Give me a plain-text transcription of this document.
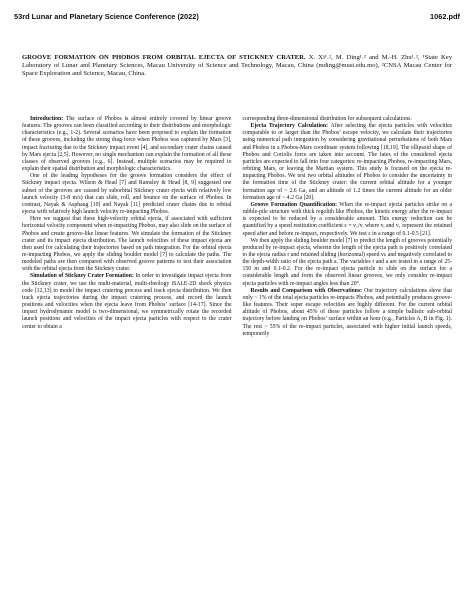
53rd Lunar and Planetary Science Conference (2022)	1062.pdf
GROOVE FORMATION ON PHOBOS FROM ORBITAL EJECTA OF STICKNEY CRATER. X. Xi¹˒², M. Ding¹˒² and M.-H. Zhu¹˒², ¹State Key Laboratory of Lunar and Planetary Sciences, Macau University of Science and Technology, Macau, China (mding@must.edu.mo), ²CNSA Macau Center for Space Exploration and Science, Macau, China.

Introduction: The surface of Phobos is almost entirely covered by linear groove features. The grooves can been classified according to their distributions and morphologic characteristics (e.g., 1-2). Several scenarios have been proposed to explain the formation of these grooves, including the strong drag force when Phobos was captured by Mars [3], impact fracturing due to the Stickney impact event [4], and secondary crater chains caused by Mars ejecta [2,5]. However, no single mechanism can explain the formation of all these classes of observed grooves [e.g., 6]. Instead, multiple scenarios may be required to explain their spatial distribution and morphologic characteristics.

One of the leading hypotheses for the groove formation considers the effect of Stickney impact ejecta. Wilson & Head [7] and Ramsley & Head [8, 9] suggested one subset of the grooves are caused by suborbital Stickney crater ejecta with relatively low launch velocity (3-8 m/s) that can slide, roll, and bounce on the surface of Phobos. In contrast, Nayak & Asphaug [10] and Nayak [11] predicted crater chains due to orbital ejecta with relatively high launch velocity re-impacting Phobos.

Here we suggest that these high-velocity orbital ejecta, if associated with sufficient horizontal velocity component when re-impacting Phobos, may also slide on the surface of Phobos and create groove-like linear features. We simulate the formation of the Stickney crater and its impact ejecta distribution. The launch velocities of these impact ejecta are then used for calculating their trajectories based on path integration. For the orbital ejecta re-impacting Phobos, we apply the sliding boulder model [7] to calculate the paths. The modeled paths are then compared with observed groove patterns to test their association with the orbital ejecta from the Stickney crater.

Simulation of Stickney Crater Formation: In order to investigate impact ejecta from the Stickney crater, we use the multi-material, multi-rheology iSALE-2D shock physics code [12,13] to model the impact cratering process and track ejecta distribution. We then track ejecta trajectories during the impact cratering process, and record the launch positions and velocities when the ejecta leave from Phobos’ surface [14-17]. Since the impact hydrodynamic model is two-dimensional, we symmetrically rotate the recorded launch positions and velocities of the impact ejecta particles with respect to the crater center to obtain a

corresponding three-dimensional distribution for subsequent calculations.

Ejecta Trajectory Calculation: After selecting the ejecta particles with velocities comparable to or larger than the Phobos’ escape velocity, we calculate their trajectories using numerical path integration by considering gravitational perturbations of both Mars and Phobos in a Phobos-Mars coordinate system following [18,19]. The ellipsoid shape of Phobos and Coriolis force are taken into account. The fates of the considered ejecta particles are expected to fall into four categories: re-impacting Phobos, re-impacting Mars, orbiting Mars, or leaving the Martian system. This study is focused on the ejecta re-impacting Phobos. We test two orbital altitudes of Phobos to consider the uncertainty in the formation time of the Stickney crater: the current orbital altitude for a younger formation age of ~ 2.6 Ga, and an altitude of 1.2 times the current altitude for an older formation age of ~ 4.2 Ga [20].

Groove Formation Quantification: When the re-impact ejecta particles strike on a rubble-pile structure with thick regolith like Phobos, the kinetic energy after the re-impact is expected to be reduced by a considerable amount. This energy reduction can be quantified by a speed restitution coefficient ε = v₁/vᵢ where vᵢ and v₁ represent the retained speed after and before re-impact, respectively. We test ε in a range of 0.1-0.5 [21].

We then apply the sliding boulder model [7] to predict the length of grooves potentially produced by re-impact ejecta, wherein the length of the ejecta path is positively correlated to the ejecta radius r and retained sliding (horizontal) speed vₕ and negatively correlated to the depth-width ratio of the ejecta path a. The variables r and a are tested in a range of 25-150 m and 0.1-0.2. For the re-impact ejecta particle to slide on the surface for a considerable length and form the observed linear grooves, we only consider re-impact ejecta particles with re-impact angles less than 20°.

Results and Comparison with Observations: Our trajectory calculations show that only ~ 1% of the total ejecta particles re-impacts Phobos, and potentially produces groove-like features. Their super escape velocities are highly different. For the current orbital altitude of Phobos, about 45% of these particles follow a simple ballistic sub-orbital trajectory before landing on Phobos’ surface within an hour (e.g., Particles A, B in Fig. 1). The rest ~ 55% of the re-impact particles, associated with higher initial launch speeds, temporarily
